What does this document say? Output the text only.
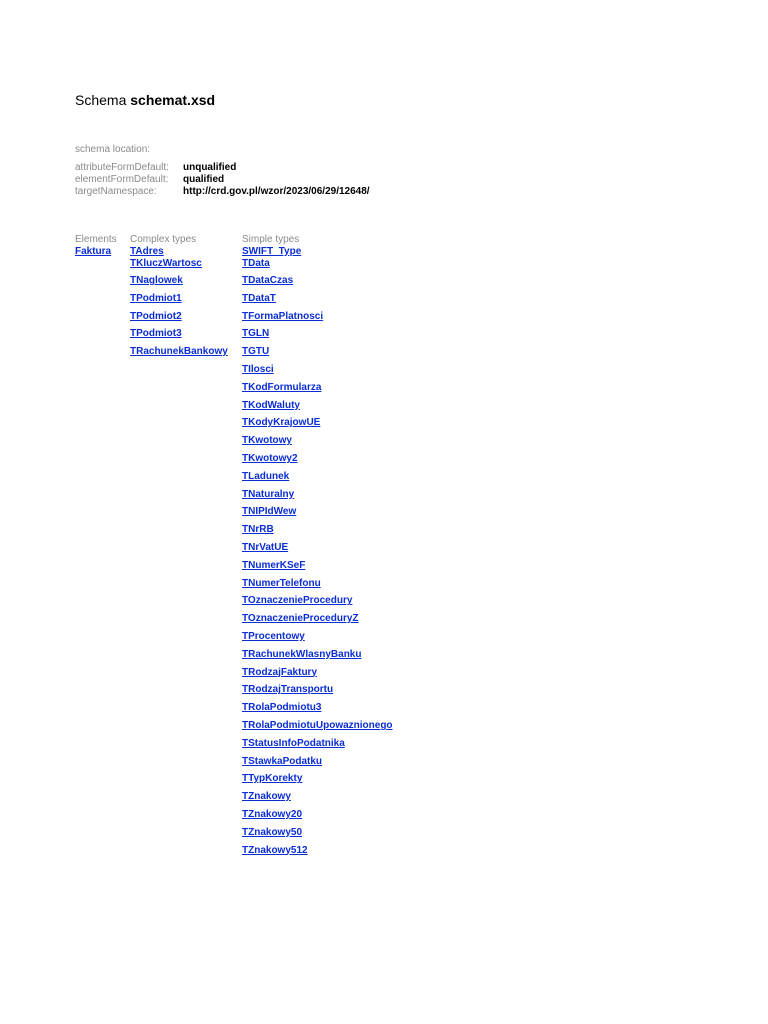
Schema schemat.xsd
schema location:
attributeFormDefault: unqualified
elementFormDefault: qualified
targetNamespace:	http://crd.gov.pl/wzor/2023/06/29/12648/
Elements
Faktura
Complex types
TAdres
TKluczWartosc
TNaglowek
TPodmiot1
TPodmiot2
TPodmiot3
TRachunekBankowy
Simple types
SWIFT_Type
TData
TDataCzas
TDataT
TFormaPlatnosci
TGLN
TGTU
TIlosci
TKodFormularza
TKodWaluty
TKodyKrajowUE
TKwotowy
TKwotowy2
TLadunek
TNaturalny
TNIPIdWew
TNrRB
TNrVatUE
TNumerKSeF
TNumerTelefonu
TOznaczenieProcedury
TOznaczenieProceduryZ
TProcentowy
TRachunekWlasnyBanku
TRodzajFaktury
TRodzajTransportu
TRolaPodmiotu3
TRolaPodmiotuUpowaznionego
TStatusInfoPodatnika
TStawkaPodatku
TTypKorekty
TZnakowy
TZnakowy20
TZnakowy50
TZnakowy512
